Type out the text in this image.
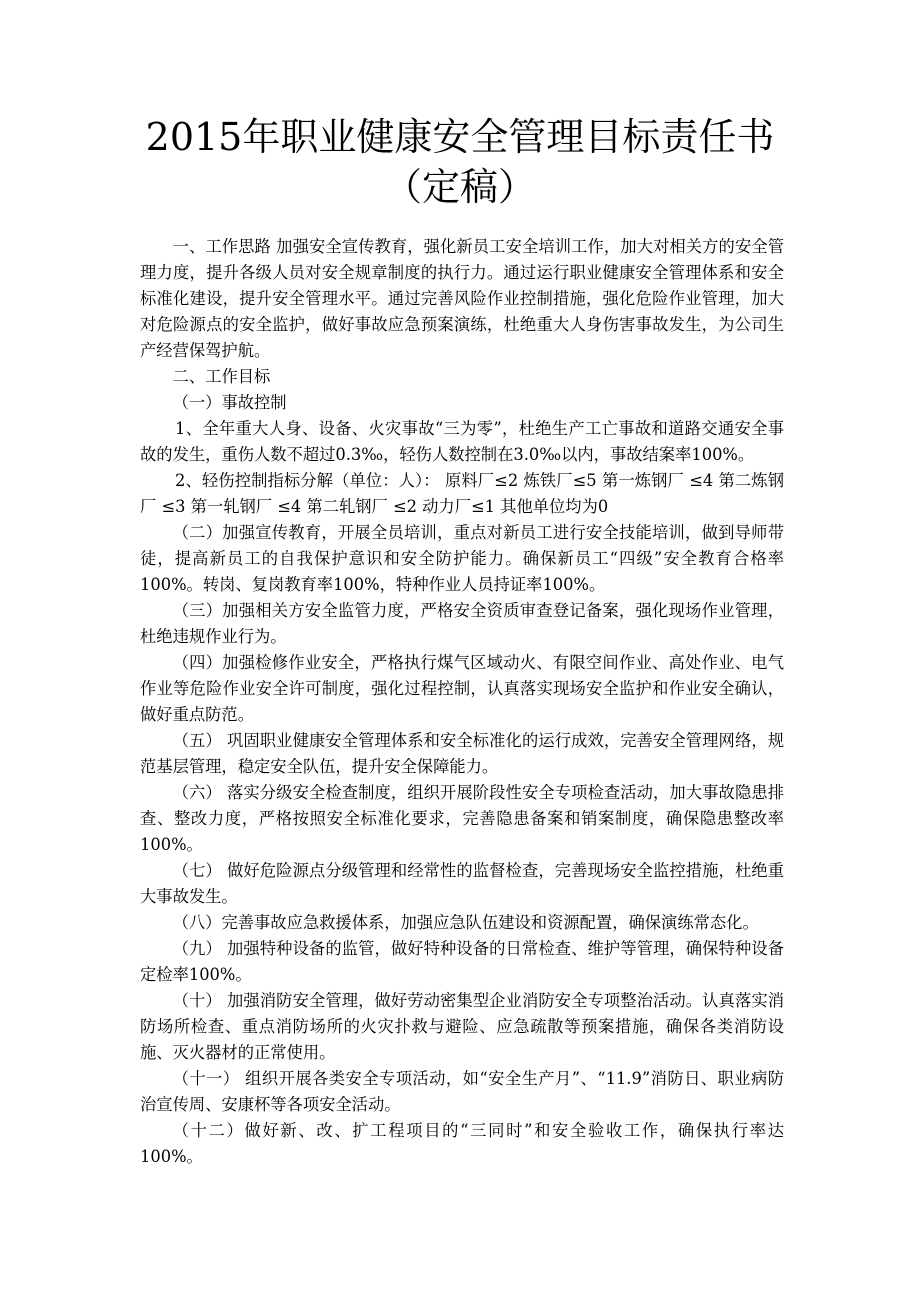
2015年职业健康安全管理目标责任书
（定稿）

一、工作思路 加强安全宣传教育，强化新员工安全培训工作，加大对相关方的安全管理力度，提升各级人员对安全规章制度的执行力。通过运行职业健康安全管理体系和安全标准化建设，提升安全管理水平。通过完善风险作业控制措施，强化危险作业管理，加大对危险源点的安全监护，做好事故应急预案演练，杜绝重大人身伤害事故发生，为公司生产经营保驾护航。

二、工作目标

（一）事故控制

1、全年重大人身、设备、火灾事故“三为零”，杜绝生产工亡事故和道路交通安全事故的发生，重伤人数不超过0.3‰，轻伤人数控制在3.0‰以内，事故结案率100%。

2、轻伤控制指标分解（单位：人）： 原料厂≤2 炼铁厂≤5 第一炼钢厂 ≤4 第二炼钢厂 ≤3 第一轧钢厂 ≤4 第二轧钢厂 ≤2 动力厂≤1 其他单位均为0

（二）加强宣传教育，开展全员培训，重点对新员工进行安全技能培训，做到导师带徒，提高新员工的自我保护意识和安全防护能力。确保新员工“四级”安全教育合格率100%。转岗、复岗教育率100%，特种作业人员持证率100%。

（三）加强相关方安全监管力度，严格安全资质审查登记备案，强化现场作业管理，杜绝违规作业行为。

（四）加强检修作业安全，严格执行煤气区域动火、有限空间作业、高处作业、电气作业等危险作业安全许可制度，强化过程控制，认真落实现场安全监护和作业安全确认，做好重点防范。

（五） 巩固职业健康安全管理体系和安全标准化的运行成效，完善安全管理网络，规范基层管理，稳定安全队伍，提升安全保障能力。

（六） 落实分级安全检查制度，组织开展阶段性安全专项检查活动，加大事故隐患排查、整改力度，严格按照安全标准化要求，完善隐患备案和销案制度，确保隐患整改率100%。

（七） 做好危险源点分级管理和经常性的监督检查，完善现场安全监控措施，杜绝重大事故发生。

（八）完善事故应急救援体系，加强应急队伍建设和资源配置，确保演练常态化。

（九） 加强特种设备的监管，做好特种设备的日常检查、维护等管理，确保特种设备定检率100%。

（十） 加强消防安全管理，做好劳动密集型企业消防安全专项整治活动。认真落实消防场所检查、重点消防场所的火灾扑救与避险、应急疏散等预案措施，确保各类消防设施、灭火器材的正常使用。

（十一） 组织开展各类安全专项活动，如“安全生产月”、“11.9”消防日、职业病防治宣传周、安康杯等各项安全活动。

（十二）做好新、改、扩工程项目的“三同时”和安全验收工作，确保执行率达100%。
